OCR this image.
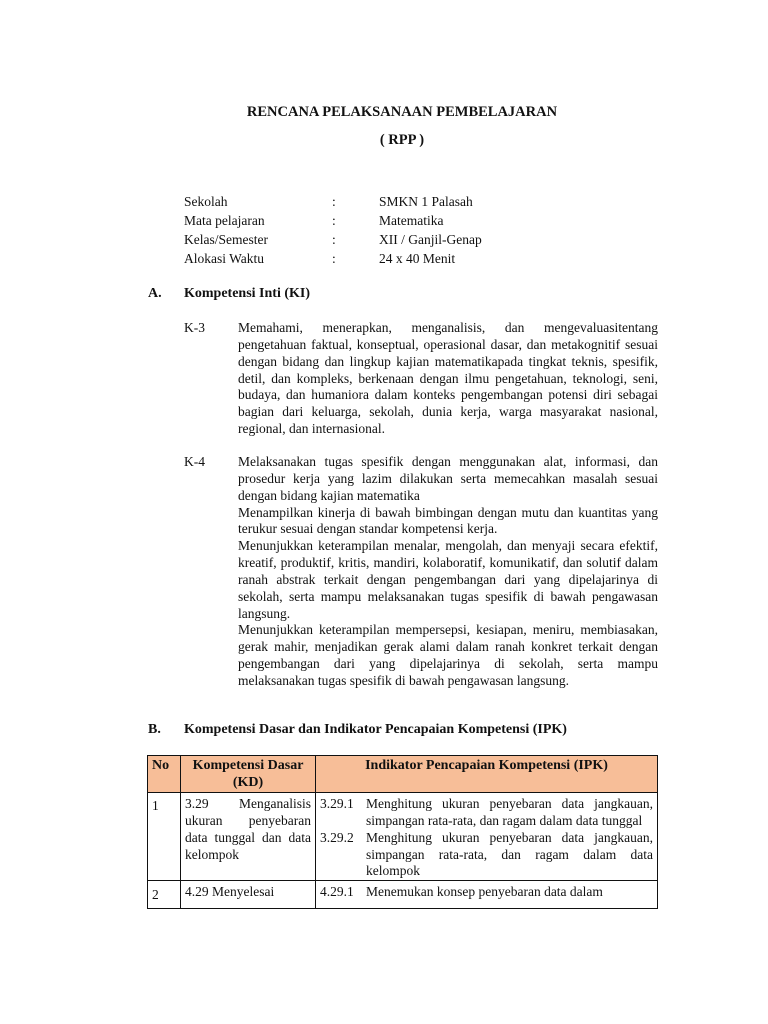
RENCANA PELAKSANAAN PEMBELAJARAN
( RPP )
Sekolah	:	SMKN 1 Palasah
Mata pelajaran	:	Matematika
Kelas/Semester	:	XII / Ganjil-Genap
Alokasi Waktu	:	24 x 40 Menit
A. Kompetensi Inti (KI)
K-3 Memahami, menerapkan, menganalisis, dan mengevaluasitentang pengetahuan faktual, konseptual, operasional dasar, dan metakognitif sesuai dengan bidang dan lingkup kajian matematikapada tingkat teknis, spesifik, detil, dan kompleks, berkenaan dengan ilmu pengetahuan, teknologi, seni, budaya, dan humaniora dalam konteks pengembangan potensi diri sebagai bagian dari keluarga, sekolah, dunia kerja, warga masyarakat nasional, regional, dan internasional.
K-4 Melaksanakan tugas spesifik dengan menggunakan alat, informasi, dan prosedur kerja yang lazim dilakukan serta memecahkan masalah sesuai dengan bidang kajian matematika

Menampilkan kinerja di bawah bimbingan dengan mutu dan kuantitas yang terukur sesuai dengan standar kompetensi kerja.

Menunjukkan keterampilan menalar, mengolah, dan menyaji secara efektif, kreatif, produktif, kritis, mandiri, kolaboratif, komunikatif, dan solutif dalam ranah abstrak terkait dengan pengembangan dari yang dipelajarinya di sekolah, serta mampu melaksanakan tugas spesifik di bawah pengawasan langsung.

Menunjukkan keterampilan mempersepsi, kesiapan, meniru, membiasakan, gerak mahir, menjadikan gerak alami dalam ranah konkret terkait dengan pengembangan dari yang dipelajarinya di sekolah, serta mampu melaksanakan tugas spesifik di bawah pengawasan langsung.

B. Kompetensi Dasar dan Indikator Pencapaian Kompetensi (IPK)
No	Kompetensi Dasar (KD)	Indikator Pencapaian Kompetensi (IPK)
1	3.29 Menganalisis ukuran penyebaran data tunggal dan data kelompok	3.29.1 Menghitung ukuran penyebaran data jangkauan, simpangan rata-rata, dan ragam dalam data tunggal
3.29.2 Menghitung ukuran penyebaran data jangkauan, simpangan rata-rata, dan ragam dalam data kelompok

2	4.29 Menyelesai	4.29.1 Menemukan konsep penyebaran data dalam
